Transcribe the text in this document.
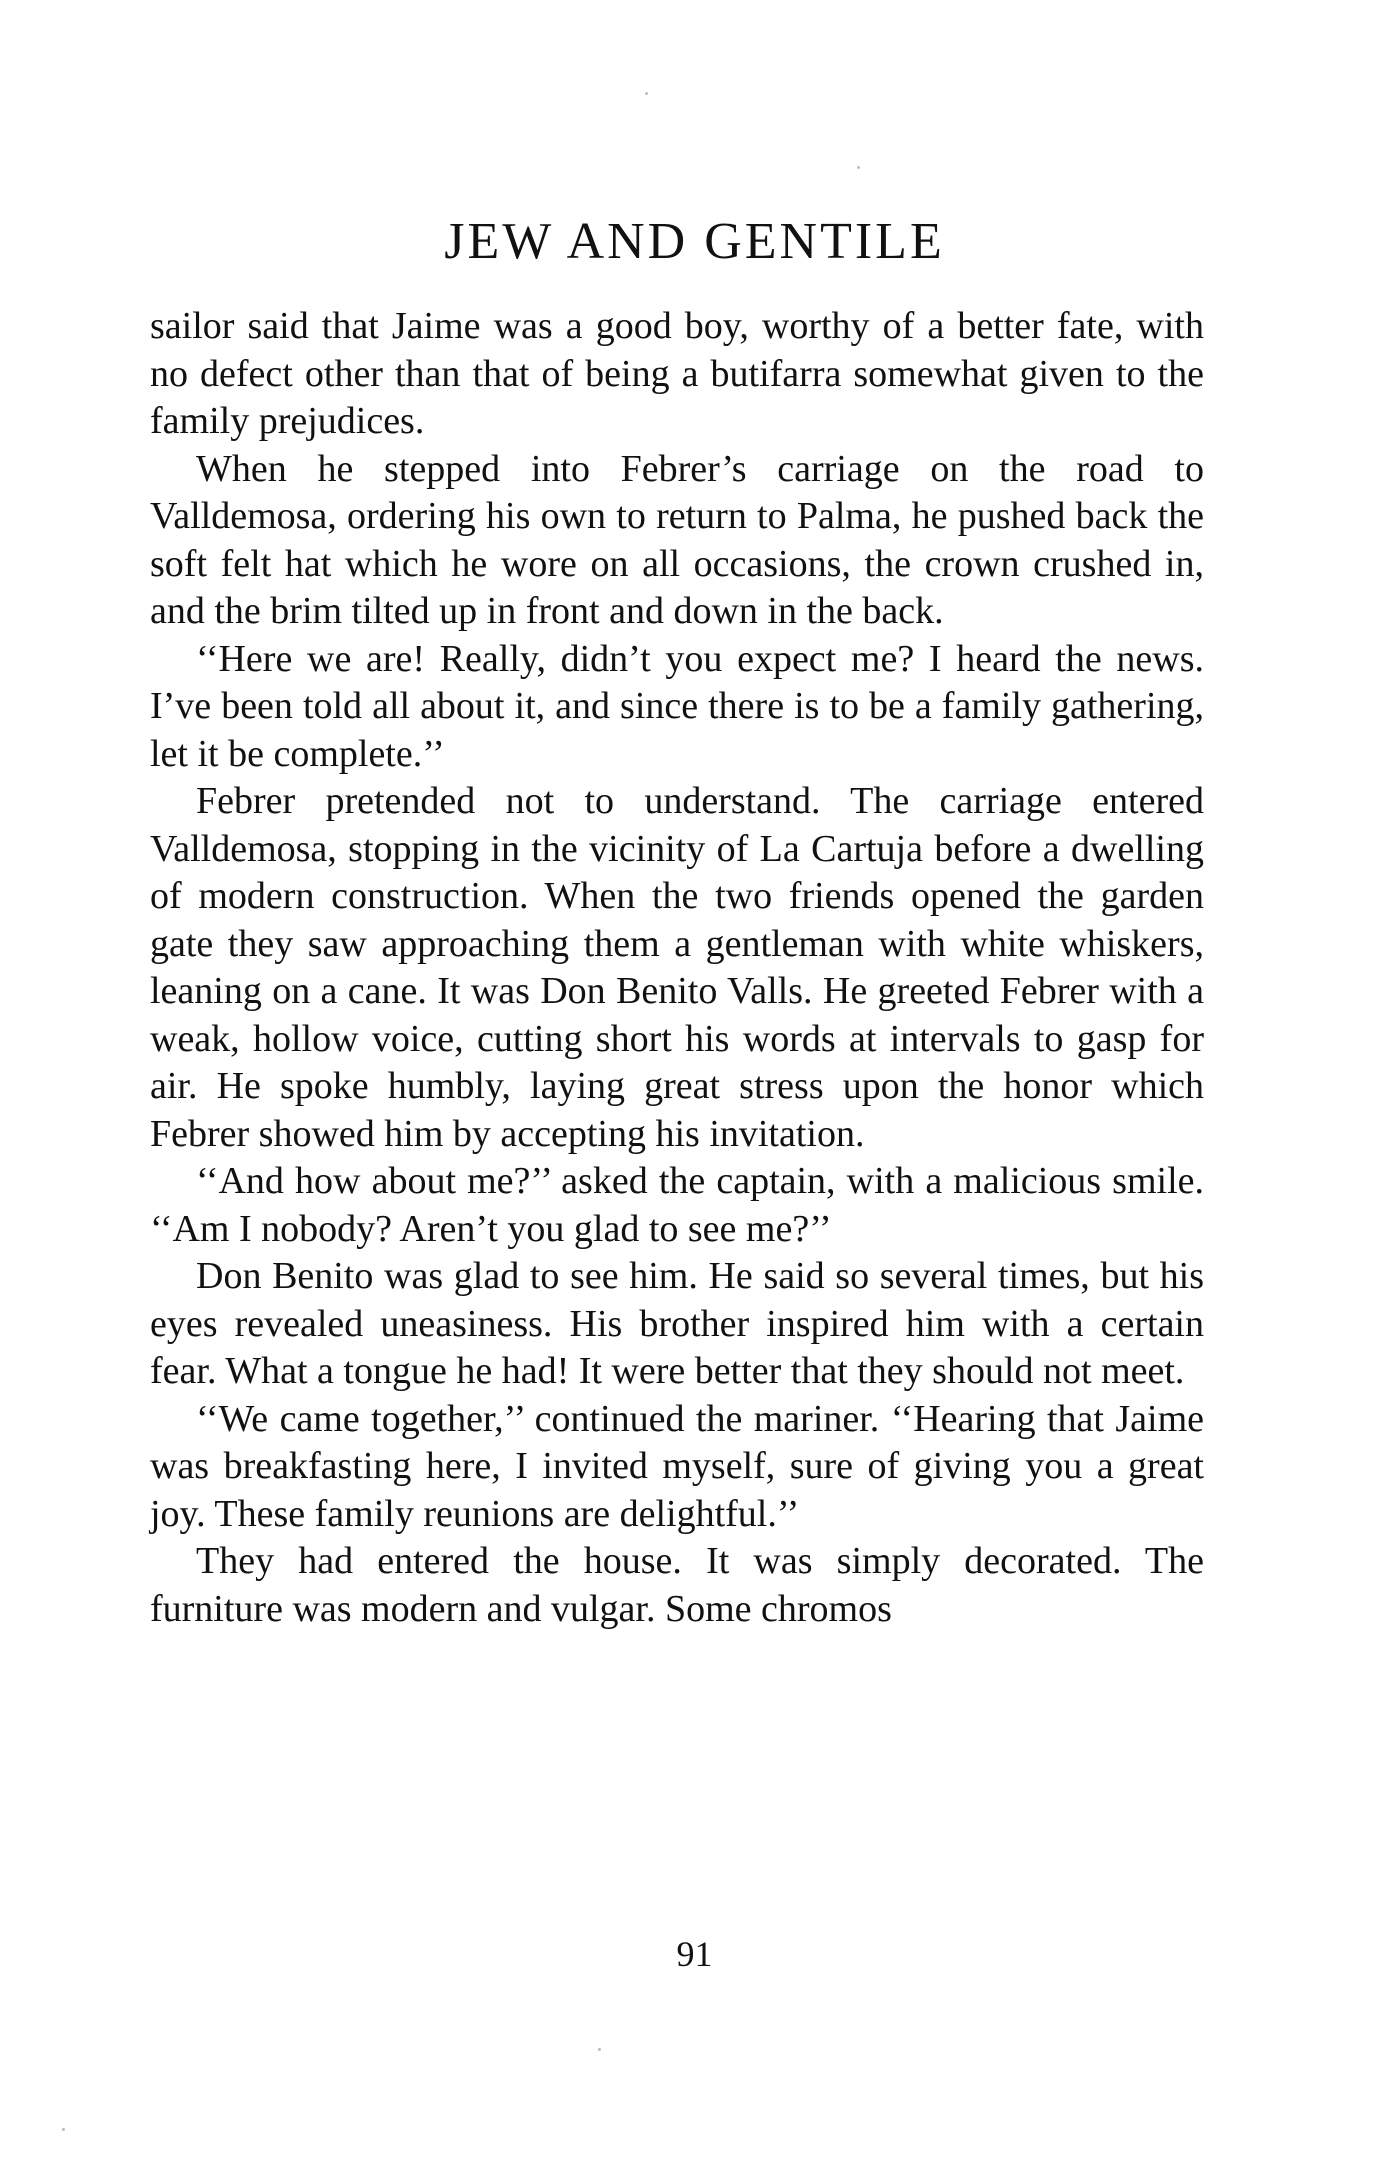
JEW AND GENTILE

sailor said that Jaime was a good boy, worthy of a better fate, with no defect other than that of being a butifarra somewhat given to the family prejudices.

When he stepped into Febrer’s carriage on the road to Valldemosa, ordering his own to return to Palma, he pushed back the soft felt hat which he wore on all occasions, the crown crushed in, and the brim tilted up in front and down in the back.

‘‘Here we are! Really, didn’t you expect me? I heard the news. I’ve been told all about it, and since there is to be a family gathering, let it be complete.’’

Febrer pretended not to understand. The carriage entered Valldemosa, stopping in the vicinity of La Cartuja before a dwelling of modern construction. When the two friends opened the garden gate they saw approaching them a gentleman with white whiskers, leaning on a cane. It was Don Benito Valls. He greeted Febrer with a weak, hollow voice, cutting short his words at intervals to gasp for air. He spoke humbly, laying great stress upon the honor which Febrer showed him by accepting his invitation.

‘‘And how about me?’’ asked the captain, with a malicious smile. ‘‘Am I nobody? Aren’t you glad to see me?’’

Don Benito was glad to see him. He said so several times, but his eyes revealed uneasiness. His brother inspired him with a certain fear. What a tongue he had! It were better that they should not meet.

‘‘We came together,’’ continued the mariner. ‘‘Hearing that Jaime was breakfasting here, I invited myself, sure of giving you a great joy. These family reunions are delightful.’’

They had entered the house. It was simply decorated. The furniture was modern and vulgar. Some chromos

91
